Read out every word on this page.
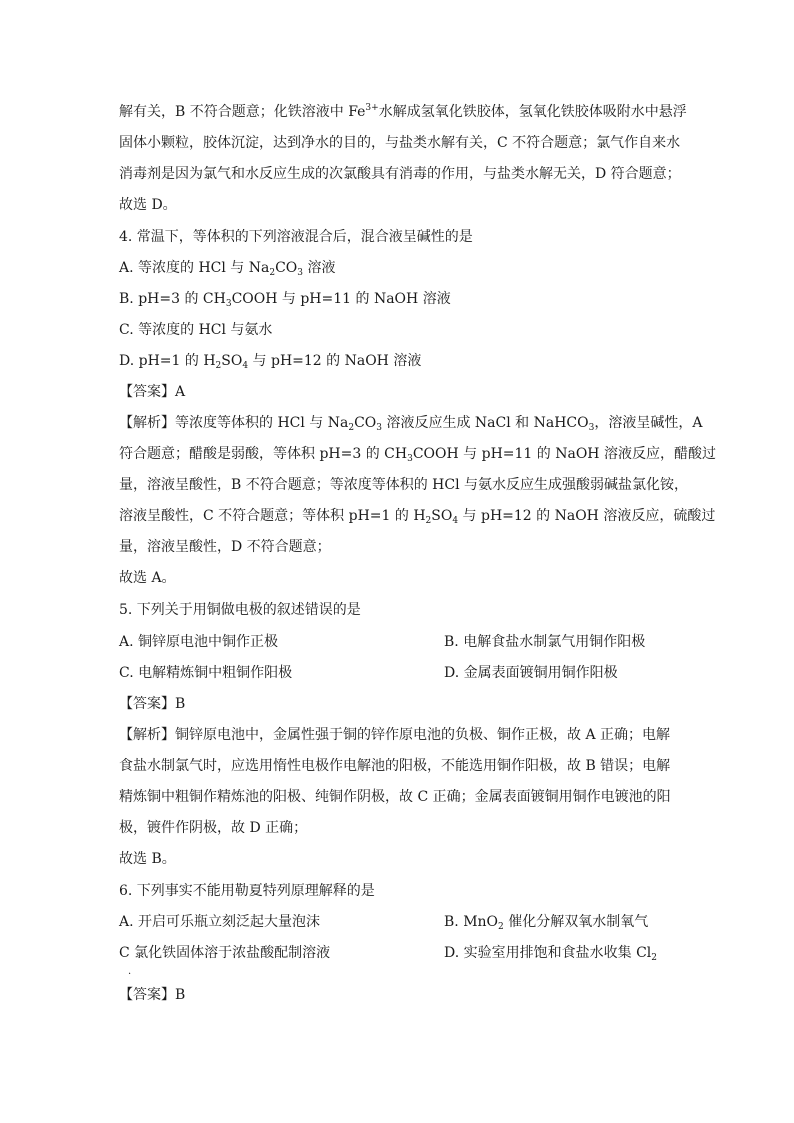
解有关，B 不符合题意；化铁溶液中 $Fe^{3+}$水解成氢氧化铁胶体，氢氧化铁胶体吸附水中悬浮
固体小颗粒，胶体沉淀，达到净水的目的，与盐类水解有关，C 不符合题意；氯气作自来水
消毒剂是因为氯气和水反应生成的次氯酸具有消毒的作用，与盐类水解无关，D 符合题意；
故选 D。
4. 常温下，等体积的下列溶液混合后，混合液呈碱性的是
A. 等浓度的 HCl 与 $Na_2CO_3$ 溶液
B. pH=3 的 $CH_3COOH$ 与 pH=11 的 NaOH 溶液
C. 等浓度的 HCl 与氨水
D. pH=1 的 $H_2SO_4$ 与 pH=12 的 NaOH 溶液
【答案】A
【解析】等浓度等体积的 HCl 与 $Na_2CO_3$ 溶液反应生成 NaCl 和 NaHCO$_3$，溶液呈碱性，A
符合题意；醋酸是弱酸，等体积 pH=3 的 $CH_3COOH$ 与 pH=11 的 NaOH 溶液反应，醋酸过
量，溶液呈酸性，B 不符合题意；等浓度等体积的 HCl 与氨水反应生成强酸弱碱盐氯化铵，
溶液呈酸性，C 不符合题意；等体积 pH=1 的 $H_2SO_4$ 与 pH=12 的 NaOH 溶液反应，硫酸过
量，溶液呈酸性，D 不符合题意；
故选 A。
5. 下列关于用铜做电极的叙述错误的是
A. 铜锌原电池中铜作正极	B. 电解食盐水制氯气用铜作阳极
C. 电解精炼铜中粗铜作阳极	D. 金属表面镀铜用铜作阳极
【答案】B
【解析】铜锌原电池中，金属性强于铜的锌作原电池的负极、铜作正极，故 A 正确；电解
食盐水制氯气时，应选用惰性电极作电解池的阳极，不能选用铜作阳极，故 B 错误；电解
精炼铜中粗铜作精炼池的阳极、纯铜作阴极，故 C 正确；金属表面镀铜用铜作电镀池的阳
极，镀件作阴极，故 D 正确；
故选 B。
6. 下列事实不能用勒夏特列原理解释的是
A. 开启可乐瓶立刻泛起大量泡沫	B. MnO$_2$ 催化分解双氧水制氧气
C 氯化铁固体溶于浓盐酸配制溶液	D. 实验室用排饱和食盐水收集 $Cl_2$
【答案】B
.
